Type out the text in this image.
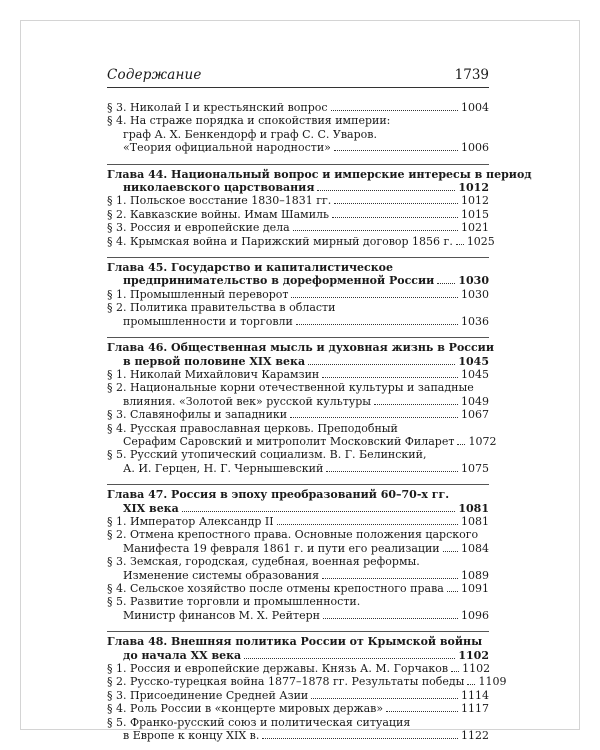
Содержание	1739
§ 3. Николай I и крестьянский вопрос	1004
§ 4. На страже порядка и спокойствия империи:
граф А. Х. Бенкендорф и граф С. С. Уваров.
«Теория официальной народности»	1006
Глава 44. Национальный вопрос и имперские интересы в период
николаевского царствования	1012
§ 1. Польское восстание 1830–1831 гг.	1012
§ 2. Кавказские войны. Имам Шамиль	1015
§ 3. Россия и европейские дела	1021
§ 4. Крымская война и Парижский мирный договор 1856 г. 1025
Глава 45. Государство и капиталистическое
предпринимательство в дореформенной России 1030
§ 1. Промышленный переворот	1030
§ 2. Политика правительства в области
промышленности и торговли	1036
Глава 46. Общественная мысль и духовная жизнь в России
в первой половине XIX века	1045
§ 1. Николай Михайлович Карамзин	1045
§ 2. Национальные корни отечественной культуры и западные
влияния. «Золотой век» русской культуры	1049
§ 3. Славянофилы и западники	1067
§ 4. Русская православная церковь. Преподобный
Серафим Саровский и митрополит Московский Филарет 1072
§ 5. Русский утопический социализм. В. Г. Белинский,
А. И. Герцен, Н. Г. Чернышевский	1075
Глава 47. Россия в эпоху преобразований 60–70-х гг.
XIX века	1081
§ 1. Император Александр II	1081
§ 2. Отмена крепостного права. Основные положения царского
Манифеста 19 февраля 1861 г. и пути его реализации 1084
§ 3. Земская, городская, судебная, военная реформы.
Изменение системы образования	1089
§ 4. Сельское хозяйство после отмены крепостного права 1091
§ 5. Развитие торговли и промышленности.
Министр финансов М. Х. Рейтерн	1096
Глава 48. Внешняя политика России от Крымской войны
до начала XX века	1102
§ 1. Россия и европейские державы. Князь А. М. Горчаков 1102
§ 2. Русско-турецкая война 1877–1878 гг. Результаты победы 1109
§ 3. Присоединение Средней Азии	1114
§ 4. Роль России в «концерте мировых держав»	1117
§ 5. Франко-русский союз и политическая ситуация
в Европе к концу XIX в.	1122
